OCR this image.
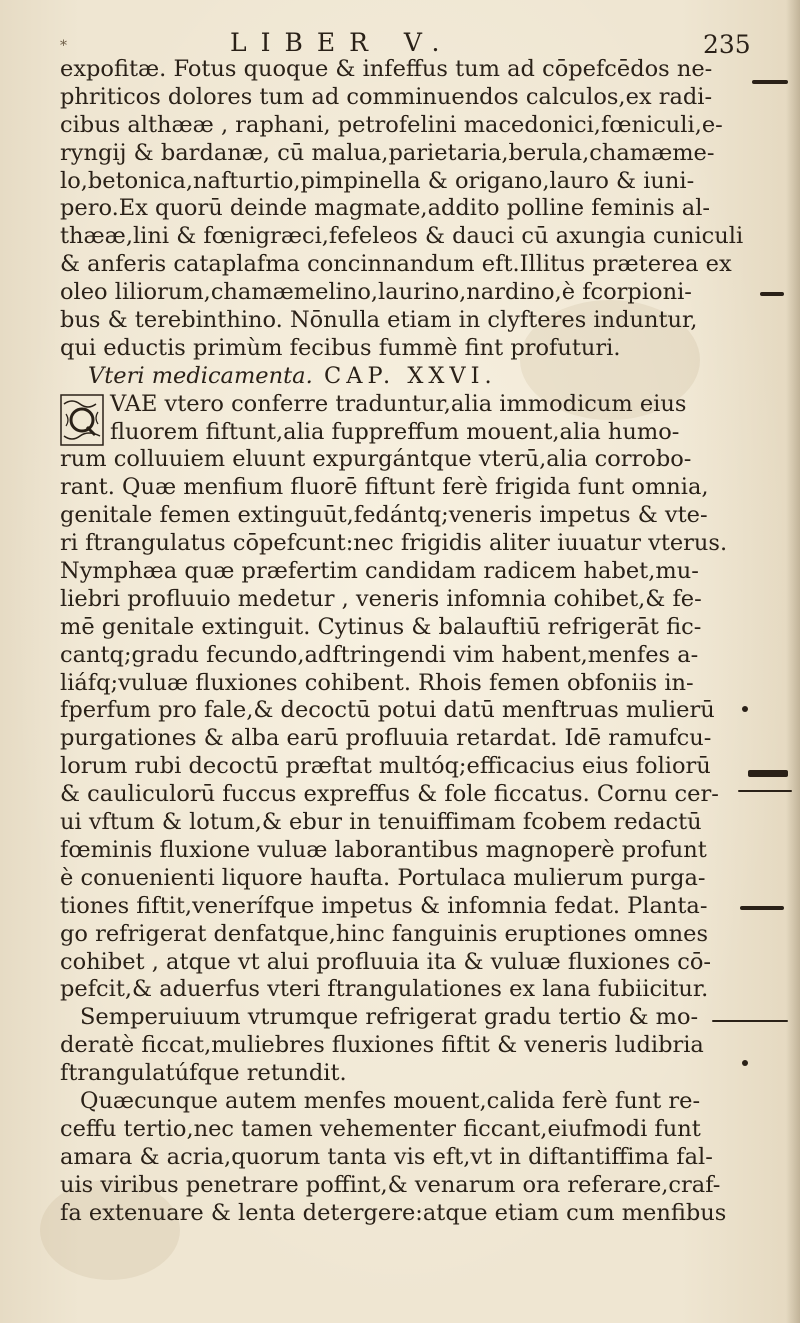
*	LIBER V.	235
expofitæ. Fotus quoque & infeffus tum ad cōpefcēdos ne-
phriticos dolores tum ad comminuendos calculos,ex radi-
cibus althææ , raphani, petrofelini macedonici,fœniculi,e-
ryngij & bardanæ, cū malua,parietaria,berula,chamæme-
lo,betonica,nafturtio,pimpinella & origano,lauro & iuni-
pero.Ex quorū deinde magmate,addito polline feminis al-
thææ,lini & fœnigræci,fefeleos & dauci cū axungia cuniculi
& anferis cataplafma concinnandum eft.Illitus præterea ex
oleo liliorum,chamæmelino,laurino,nardino,è fcorpioni-
bus & terebinthino. Nōnulla etiam in clyfteres induntur,
qui eductis primùm fecibus fummè fint profuturi.
Vteri medicamenta. CAP. XXVI.
VAE vtero conferre traduntur,alia immodicum eius
fluorem fiftunt,alia fuppreffum mouent,alia humo-
rum colluuiem eluunt expurgántque vterū,alia corrobo-
rant. Quæ menfium fluorē fiftunt ferè frigida funt omnia,
genitale femen extinguūt,fedántq;veneris impetus & vte-
ri ftrangulatus cōpefcunt:nec frigidis aliter iuuatur vterus.
Nymphæa quæ præfertim candidam radicem habet,mu-
liebri profluuio medetur , veneris infomnia cohibet,& fe-
mē genitale extinguit. Cytinus & balauftiū refrigerāt fic-
cantq;gradu fecundo,adftringendi vim habent,menfes a-
liáfq;vuluæ fluxiones cohibent. Rhois femen obfoniis in-
fperfum pro fale,& decoctū potui datū menftruas mulierū
purgationes & alba earū profluuia retardat. Idē ramufcu-
lorum rubi decoctū præftat multóq;efficacius eius foliorū
& cauliculorū fuccus expreffus & fole ficcatus. Cornu cer-
ui vftum & lotum,& ebur in tenuiffimam fcobem redactū
fœminis fluxione vuluæ laborantibus magnoperè profunt
è conuenienti liquore haufta. Portulaca mulierum purga-
tiones fiftit,venerífque impetus & infomnia fedat. Planta-
go refrigerat denfatque,hinc fanguinis eruptiones omnes
cohibet , atque vt alui profluuia ita & vuluæ fluxiones cō-
pefcit,& aduerfus vteri ftrangulationes ex lana fubiicitur.
Semperuiuum vtrumque refrigerat gradu tertio & mo-
deratè ficcat,muliebres fluxiones fiftit & veneris ludibria
ftrangulatúfque retundit.
Quæcunque autem menfes mouent,calida ferè funt re-
ceffu tertio,nec tamen vehementer ficcant,eiufmodi funt
amara & acria,quorum tanta vis eft,vt in diftantiffima fal-
uis viribus penetrare poffint,& venarum ora referare,craf-
fa extenuare & lenta detergere:atque etiam cum menfibus
